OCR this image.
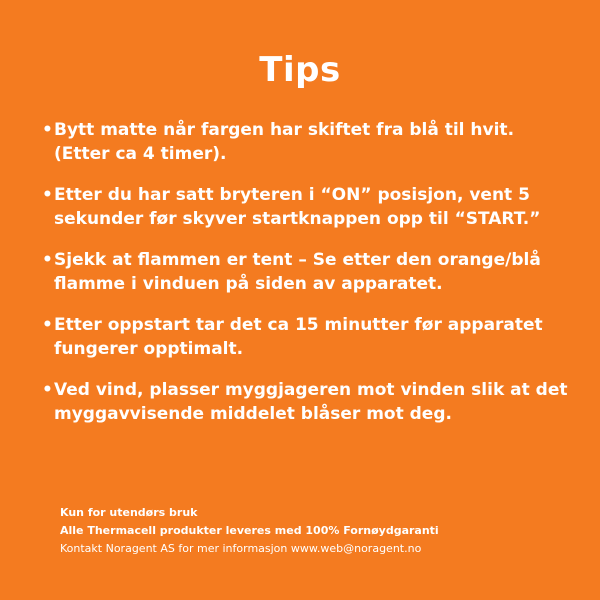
Tips
• Bytt matte når fargen har skiftet fra blå til hvit.
(Etter ca 4 timer).
• Etter du har satt bryteren i “ON” posisjon, vent 5
sekunder før skyver startknappen opp til “START.”
• Sjekk at flammen er tent – Se etter den orange/blå
flamme i vinduen på siden av apparatet.
• Etter oppstart tar det ca 15 minutter før apparatet
fungerer opptimalt.
• Ved vind, plasser myggjageren mot vinden slik at det
myggavvisende middelet blåser mot deg.
Kun for utendørs bruk
Alle Thermacell produkter leveres med 100% Fornøydgaranti
Kontakt Noragent AS for mer informasjon www.web@noragent.no
